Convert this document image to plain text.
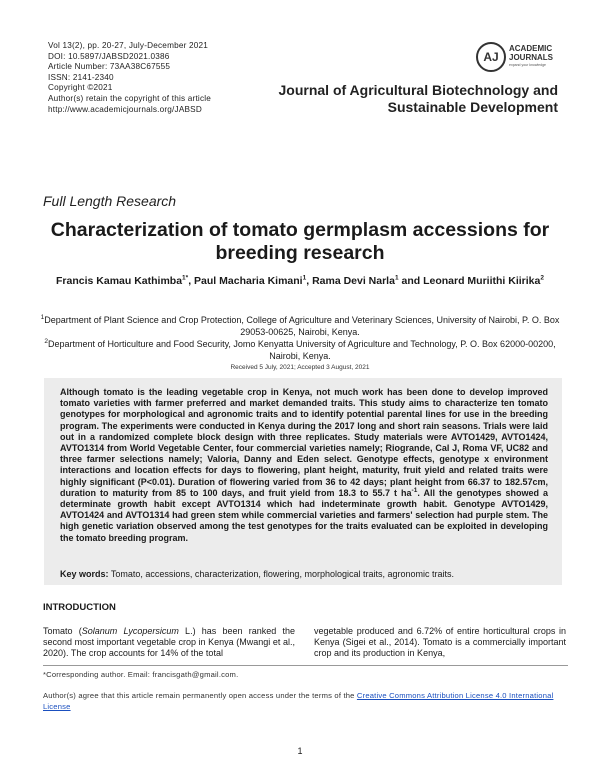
Vol 13(2), pp. 20-27, July-December 2021
DOI: 10.5897/JABSD2021.0386
Article Number: 73AA38C67555
ISSN: 2141-2340
Copyright ©2021
Author(s) retain the copyright of this article
http://www.academicjournals.org/JABSD
AJ
ACADEMIC
JOURNALS
expand your knowledge
Journal of Agricultural Biotechnology and
Sustainable Development
Full Length Research
Characterization of tomato germplasm accessions for breeding research
Francis Kamau Kathimba$^{1*}$, Paul Macharia Kimani$^1$, Rama Devi Narla$^1$ and Leonard Muriithi Kiirika$^2$
$^1$Department of Plant Science and Crop Protection, College of Agriculture and Veterinary Sciences, University of Nairobi, P. O. Box 29053-00625, Nairobi, Kenya.
$^2$Department of Horticulture and Food Security, Jomo Kenyatta University of Agriculture and Technology, P. O. Box 62000-00200, Nairobi, Kenya.
Received 5 July, 2021; Accepted 3 August, 2021
Although tomato is the leading vegetable crop in Kenya, not much work has been done to develop improved tomato varieties with farmer preferred and market demanded traits. This study aims to characterize ten tomato genotypes for morphological and agronomic traits and to identify potential parental lines for use in the breeding program. The experiments were conducted in Kenya during the 2017 long and short rain seasons. Trials were laid out in a randomized complete block design with three replicates. Study materials were AVTO1429, AVTO1424, AVTO1314 from World Vegetable Center, four commercial varieties namely; Riogrande, Cal J, Roma VF, UC82 and three farmer selections namely; Valoria, Danny and Eden select. Genotype effects, genotype x environment interactions and location effects for days to flowering, plant height, maturity, fruit yield and related traits were highly significant (P<0.01). Duration of flowering varied from 36 to 42 days; plant height from 66.37 to 182.57cm, duration to maturity from 85 to 100 days, and fruit yield from 18.3 to 55.7 t $ha^{-1}$. All the genotypes showed a determinate growth habit except AVTO1314 which had indeterminate growth habit. Genotype AVTO1429, AVTO1424 and AVTO1314 had green stem while commercial varieties and farmers' selection had purple stem. The high genetic variation observed among the test genotypes for the traits evaluated can be exploited in developing the tomato breeding program.
Key words: Tomato, accessions, characterization, flowering, morphological traits, agronomic traits.
INTRODUCTION
Tomato (Solanum Lycopersicum L.) has been ranked the second most important vegetable crop in Kenya (Mwangi et al., 2020). The crop accounts for 14% of the total
vegetable produced and 6.72% of entire horticultural crops in Kenya (Sigei et al., 2014). Tomato is a commercially important crop and its production in Kenya,
*Corresponding author. Email: francisgath@gmail.com.
Author(s) agree that this article remain permanently open access under the terms of the Creative Commons Attribution License 4.0 International License
1
